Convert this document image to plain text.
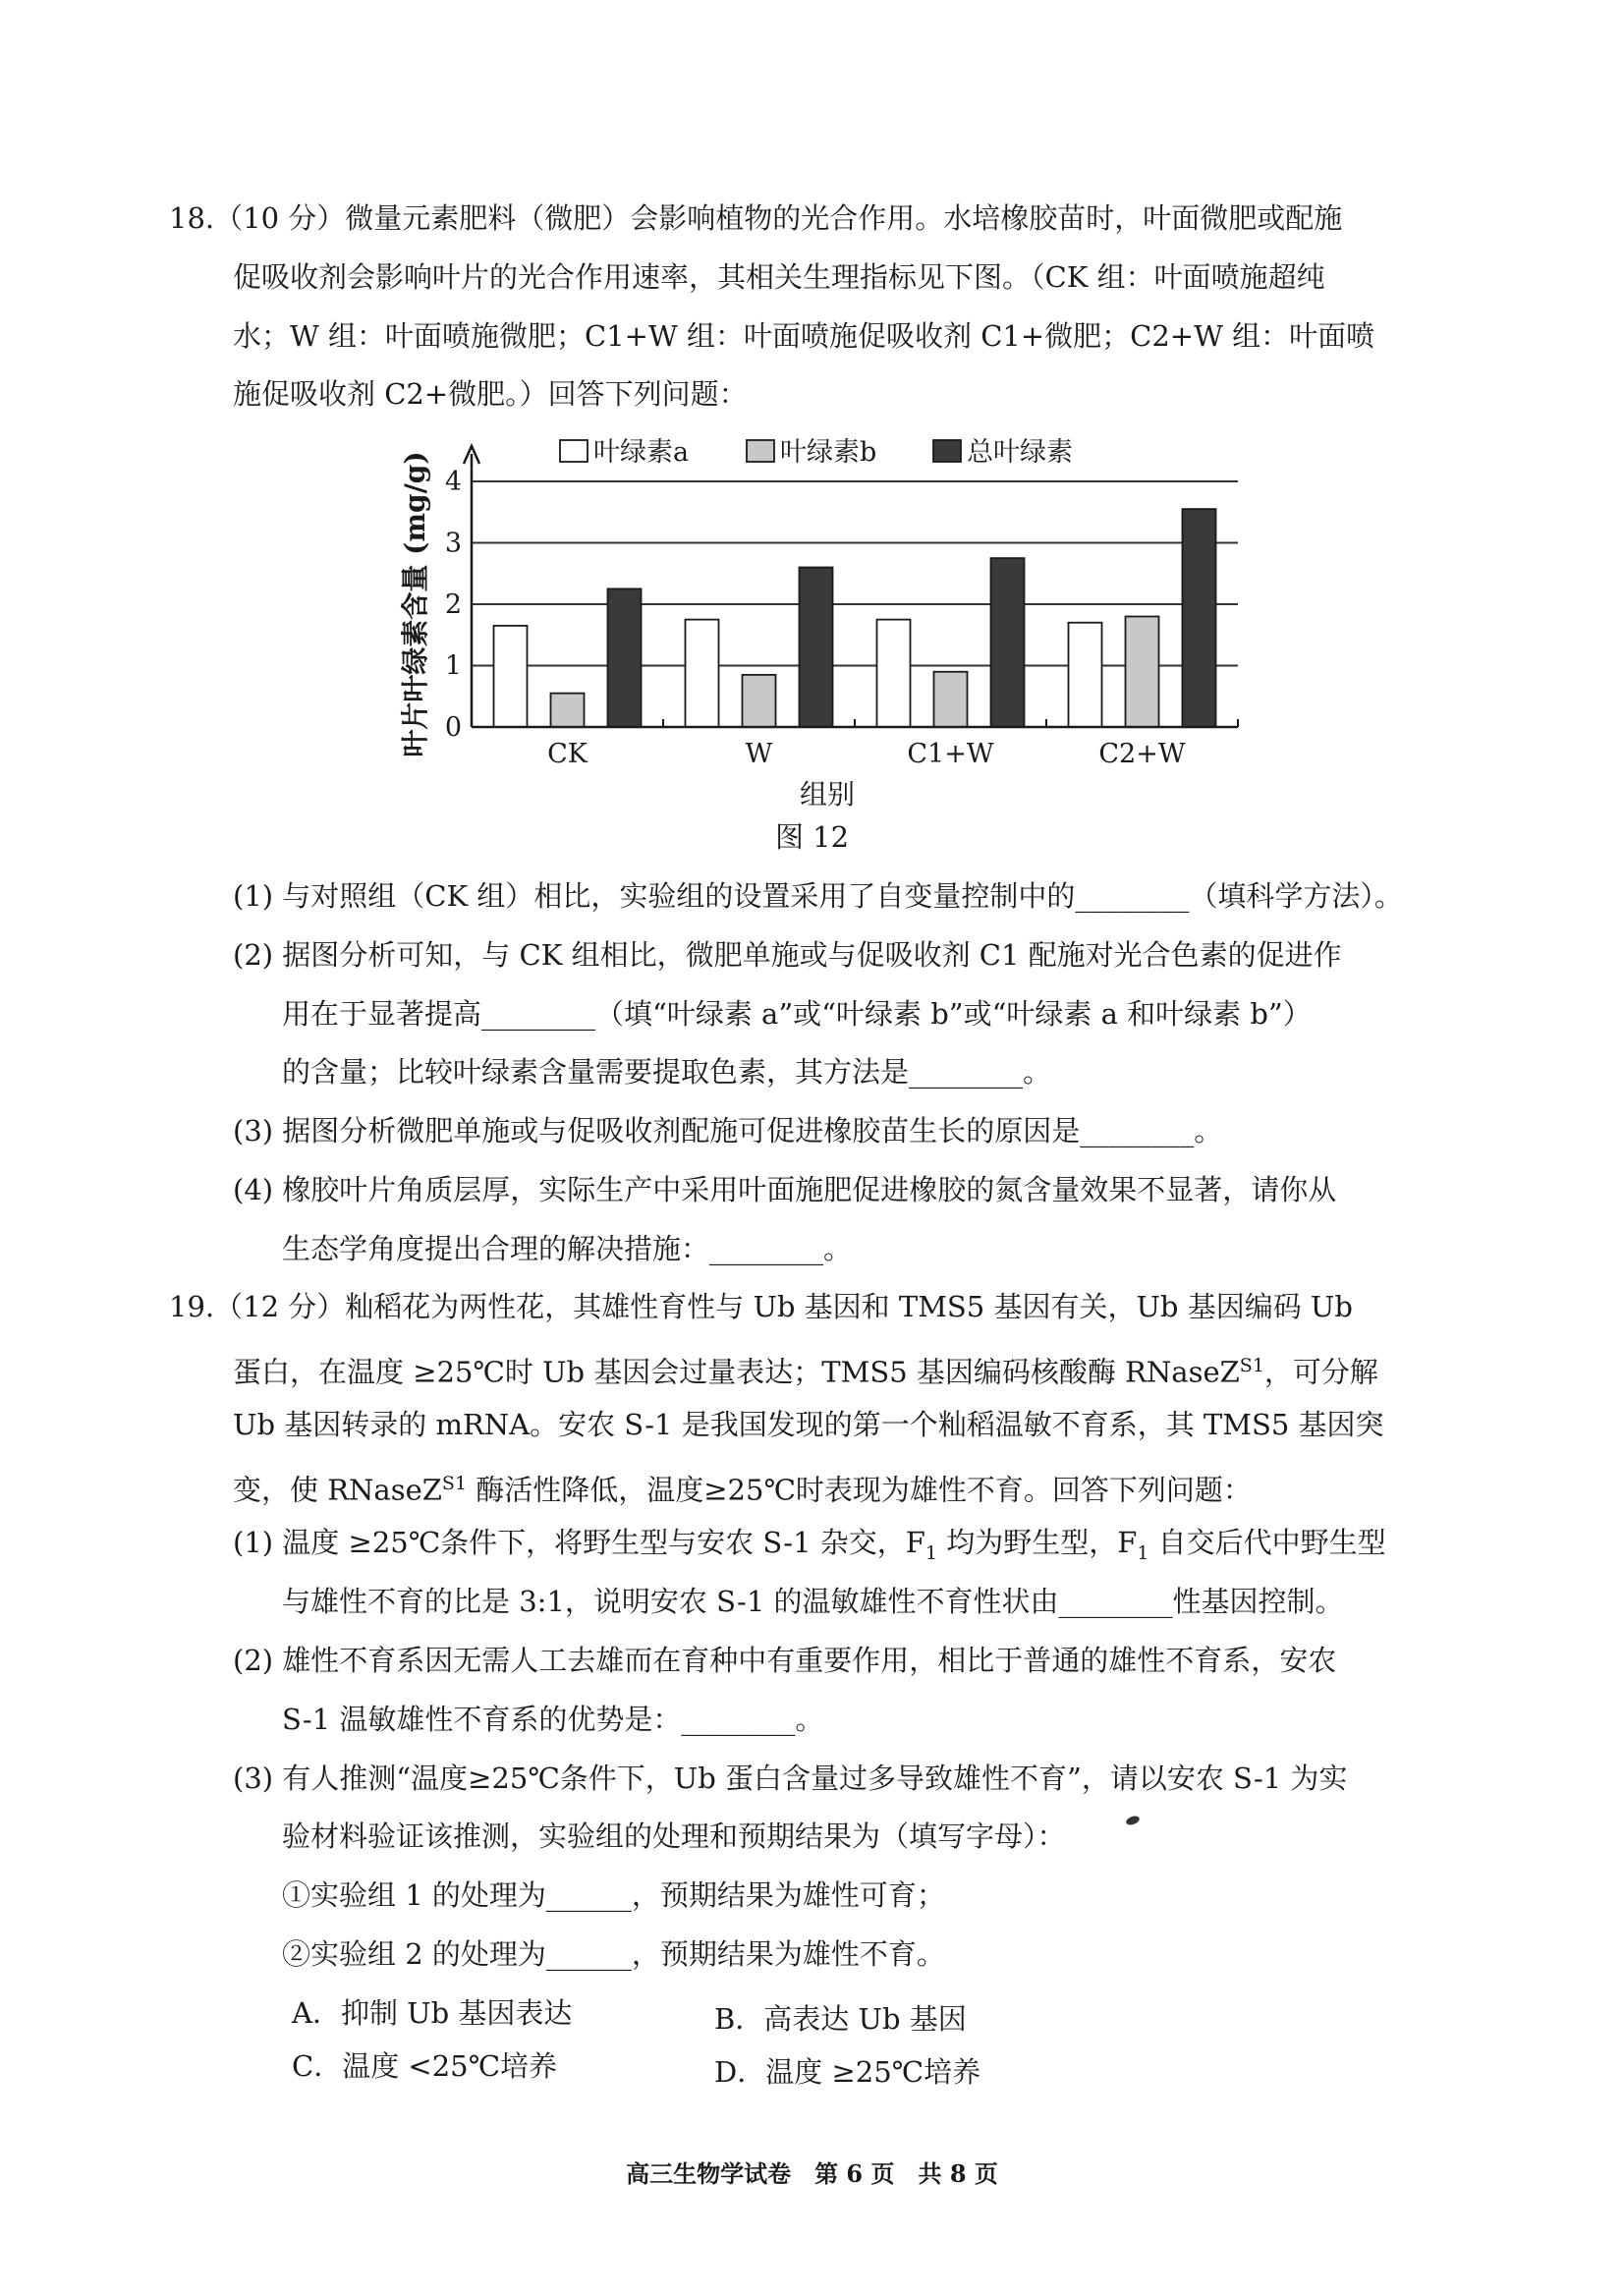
18.（10 分）微量元素肥料（微肥）会影响植物的光合作用。水培橡胶苗时，叶面微肥或配施
促吸收剂会影响叶片的光合作用速率，其相关生理指标见下图。（CK 组：叶面喷施超纯
水；W 组：叶面喷施微肥；C1+W 组：叶面喷施促吸收剂 C1+微肥；C2+W 组：叶面喷
施促吸收剂 C2+微肥。）回答下列问题：
0
1
2
3
4
CK	W	C1+W	C2+W
叶绿素a	叶绿素b	总叶绿素
叶片叶绿素含量 (mg/g)
组别
图 12
(1) 与对照组（CK 组）相比，实验组的设置采用了自变量控制中的________（填科学方法）。
(2) 据图分析可知，与 CK 组相比，微肥单施或与促吸收剂 C1 配施对光合色素的促进作
用在于显著提高________（填“叶绿素 a”或“叶绿素 b”或“叶绿素 a 和叶绿素 b”）
的含量；比较叶绿素含量需要提取色素，其方法是________。
(3) 据图分析微肥单施或与促吸收剂配施可促进橡胶苗生长的原因是________。
(4) 橡胶叶片角质层厚，实际生产中采用叶面施肥促进橡胶的氮含量效果不显著，请你从
生态学角度提出合理的解决措施：________。
19.（12 分）籼稻花为两性花，其雄性育性与 Ub 基因和 TMS5 基因有关，Ub 基因编码 Ub
蛋白，在温度 ≥25℃时 Ub 基因会过量表达；TMS5 基因编码核酸酶 RNaseZ$^{S1}$，可分解
Ub 基因转录的 mRNA。安农 S-1 是我国发现的第一个籼稻温敏不育系，其 TMS5 基因突
变，使 RNaseZ$^{S1}$ 酶活性降低，温度≥25℃时表现为雄性不育。回答下列问题：
(1) 温度 ≥25℃条件下，将野生型与安农 S-1 杂交，$F_1$ 均为野生型，$F_1$ 自交后代中野生型
与雄性不育的比是 3:1，说明安农 S-1 的温敏雄性不育性状由________性基因控制。
(2) 雄性不育系因无需人工去雄而在育种中有重要作用，相比于普通的雄性不育系，安农
S-1 温敏雄性不育系的优势是：________。
(3) 有人推测“温度≥25℃条件下，Ub 蛋白含量过多导致雄性不育”，请以安农 S-1 为实
验材料验证该推测，实验组的处理和预期结果为（填写字母）：
①实验组 1 的处理为______，预期结果为雄性可育；
②实验组 2 的处理为______，预期结果为雄性不育。
A．抑制 Ub 基因表达	B．高表达 Ub 基因
C．温度 <25℃培养	D．温度 ≥25℃培养
高三生物学试卷　第 6 页　共 8 页
